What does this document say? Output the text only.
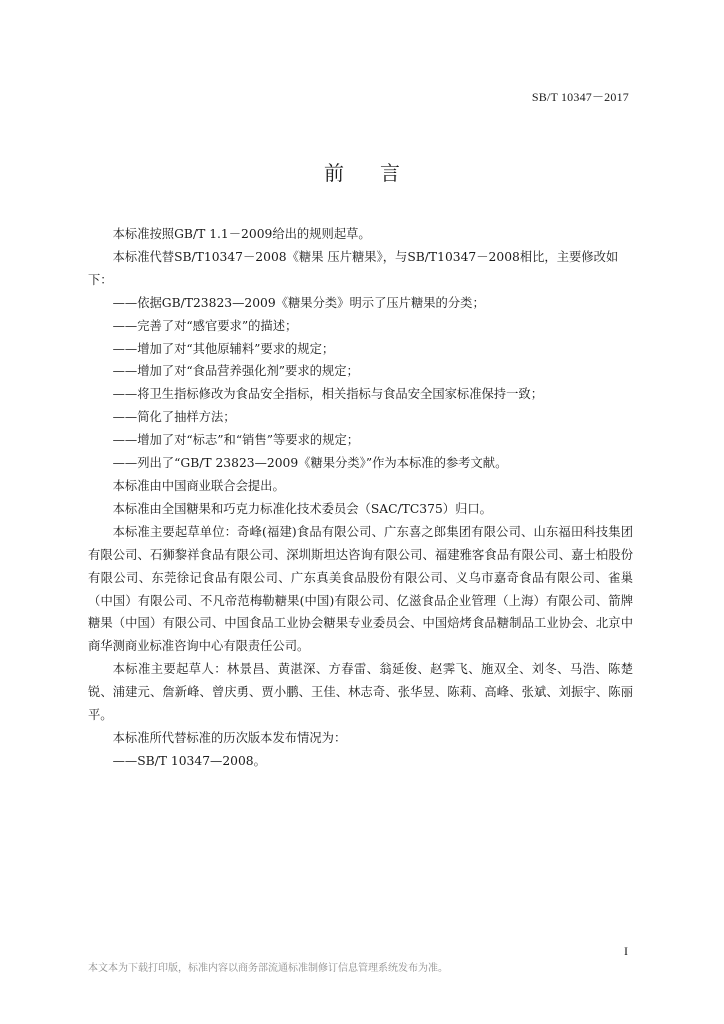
SB/T 10347－2017
前言

本标准按照GB/T 1.1－2009给出的规则起草。

本标准代替SB/T10347－2008《糖果 压片糖果》，与SB/T10347－2008相比，主要修改如下：

——依据GB/T23823—2009《糖果分类》明示了压片糖果的分类；

——完善了对“感官要求”的描述；

——增加了对“其他原辅料”要求的规定；

——增加了对“食品营养强化剂”要求的规定；

——将卫生指标修改为食品安全指标，相关指标与食品安全国家标准保持一致；

——简化了抽样方法；

——增加了对“标志”和“销售”等要求的规定；

——列出了“GB/T 23823—2009《糖果分类》”作为本标准的参考文献。

本标准由中国商业联合会提出。

本标准由全国糖果和巧克力标准化技术委员会（SAC/TC375）归口。

本标准主要起草单位：奇峰(福建)食品有限公司、广东喜之郎集团有限公司、山东福田科技集团有限公司、石狮黎祥食品有限公司、深圳斯坦达咨询有限公司、福建雅客食品有限公司、嘉士柏股份有限公司、东莞徐记食品有限公司、广东真美食品股份有限公司、义乌市嘉奇食品有限公司、雀巢（中国）有限公司、不凡帝范梅勒糖果(中国)有限公司、亿滋食品企业管理（上海）有限公司、箭牌糖果（中国）有限公司、中国食品工业协会糖果专业委员会、中国焙烤食品糖制品工业协会、北京中商华测商业标准咨询中心有限责任公司。

本标准主要起草人：林景昌、黄湛深、方春雷、翁延俊、赵霁飞、施双全、刘冬、马浩、陈楚锐、浦建元、詹新峰、曾庆勇、贾小鹏、王佳、林志奇、张华昱、陈莉、高峰、张斌、刘振宇、陈丽平。

本标准所代替标准的历次版本发布情况为：

——SB/T 10347—2008。

I
本文本为下载打印版，标准内容以商务部流通标准制修订信息管理系统发布为准。
